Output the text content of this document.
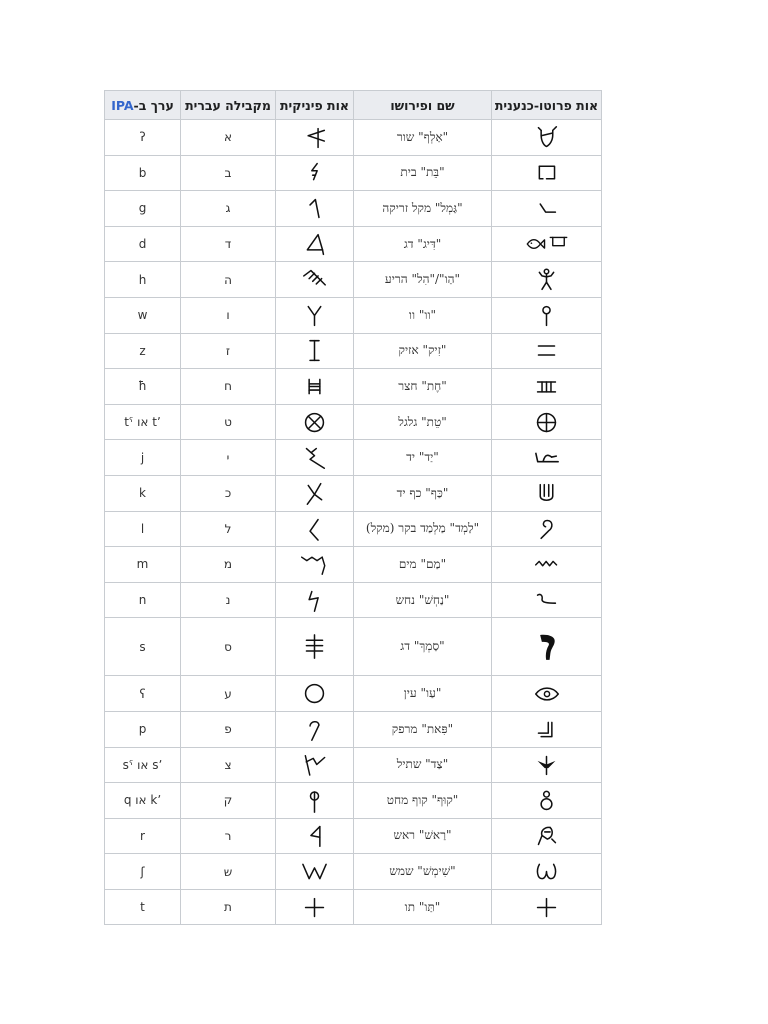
אות פרוטו-כנענית	שם ופירושו	אות פיניקית	מקבילה עברית	ערך ב-IPA

	"אַלְף" שור		א	ʔ

	"בֵּת" בית		ב	b

	"גַּמְל" מקל זריקה		ג	g

	"דִּיג" דג		ד	d

	"הַו"/"הִל" הריע		ה	h

	"וו" וו		ו	w

	"זִיק" אזיק		ז	z

	"חֶת" חצר		ח	ħ

	"טֵת" גלגל		ט	tˤ או tʼ

	"יַד" יד		י	j

	"כַּף" כף יד		כ	k

	"לַמְד" מַלְמַד בקר (מקל)		ל	l

	"מַם" מים		מ	m

	"נַחְשׁ" נחש		נ	n

	"סַמְךְ" דג		ס	s

	"עַו" עין		ע	ʕ

	"פִּאת" מרפק		פ	p

	"צַד" שתיל		צ	sˤ או sʼ

	"קוּף" קוף מחט		ק	q או kʼ

	"רַאשׁ" ראש		ר	r

	"שִׁימְשׁ" שמש		ש	ʃ

	"תַּו" תו		ת	t
